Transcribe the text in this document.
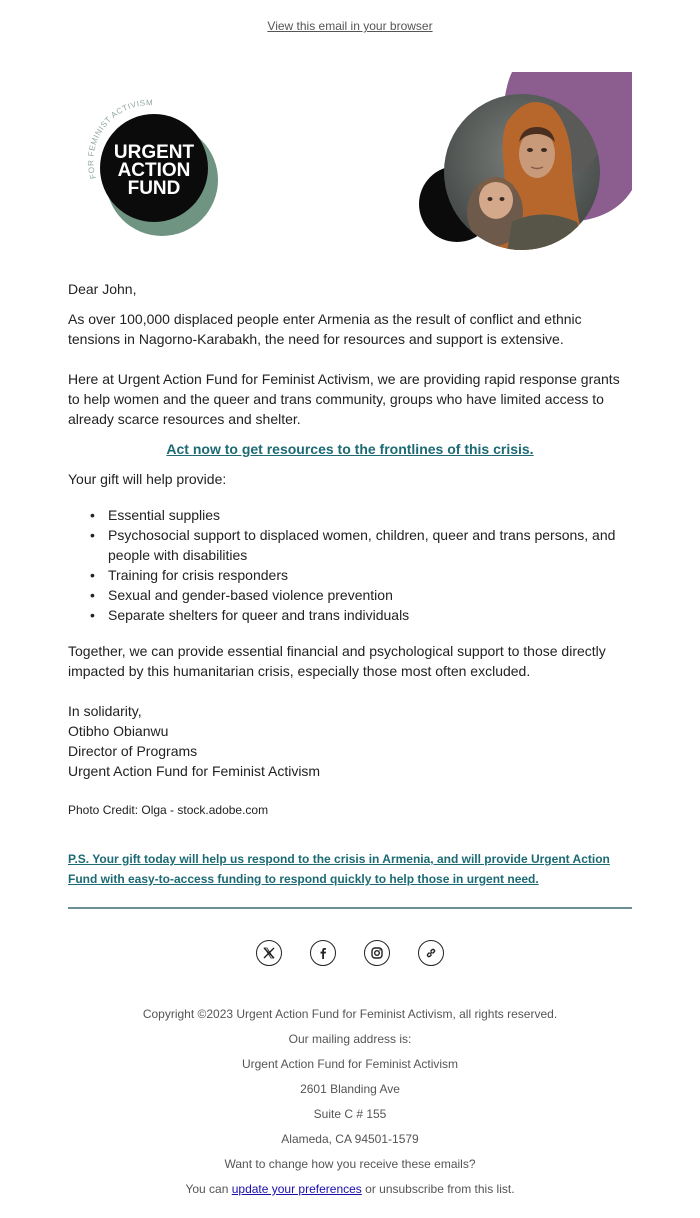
View this email in your browser
FOR FEMINIST ACTIVISM
URGENT
ACTION
FUND
Dear John,
As over 100,000 displaced people enter Armenia as the result of conflict and ethnic tensions in Nagorno-Karabakh, the need for resources and support is extensive.
Here at Urgent Action Fund for Feminist Activism, we are providing rapid response grants to help women and the queer and trans community, groups who have limited access to already scarce resources and shelter.
Act now to get resources to the frontlines of this crisis.
Your gift will help provide:
• Essential supplies
• Psychosocial support to displaced women, children, queer and trans persons, and people with disabilities
• Training for crisis responders
• Sexual and gender-based violence prevention
• Separate shelters for queer and trans individuals
Together, we can provide essential financial and psychological support to those directly impacted by this humanitarian crisis, especially those most often excluded.
In solidarity,
Otibho Obianwu
Director of Programs
Urgent Action Fund for Feminist Activism
Photo Credit: Olga - stock.adobe.com
P.S. Your gift today will help us respond to the crisis in Armenia, and will provide Urgent Action Fund with easy-to-access funding to respond quickly to help those in urgent need.
Copyright ©2023 Urgent Action Fund for Feminist Activism, all rights reserved.
Our mailing address is:
Urgent Action Fund for Feminist Activism
2601 Blanding Ave
Suite C # 155
Alameda, CA 94501-1579
Want to change how you receive these emails?
You can update your preferences or unsubscribe from this list.
